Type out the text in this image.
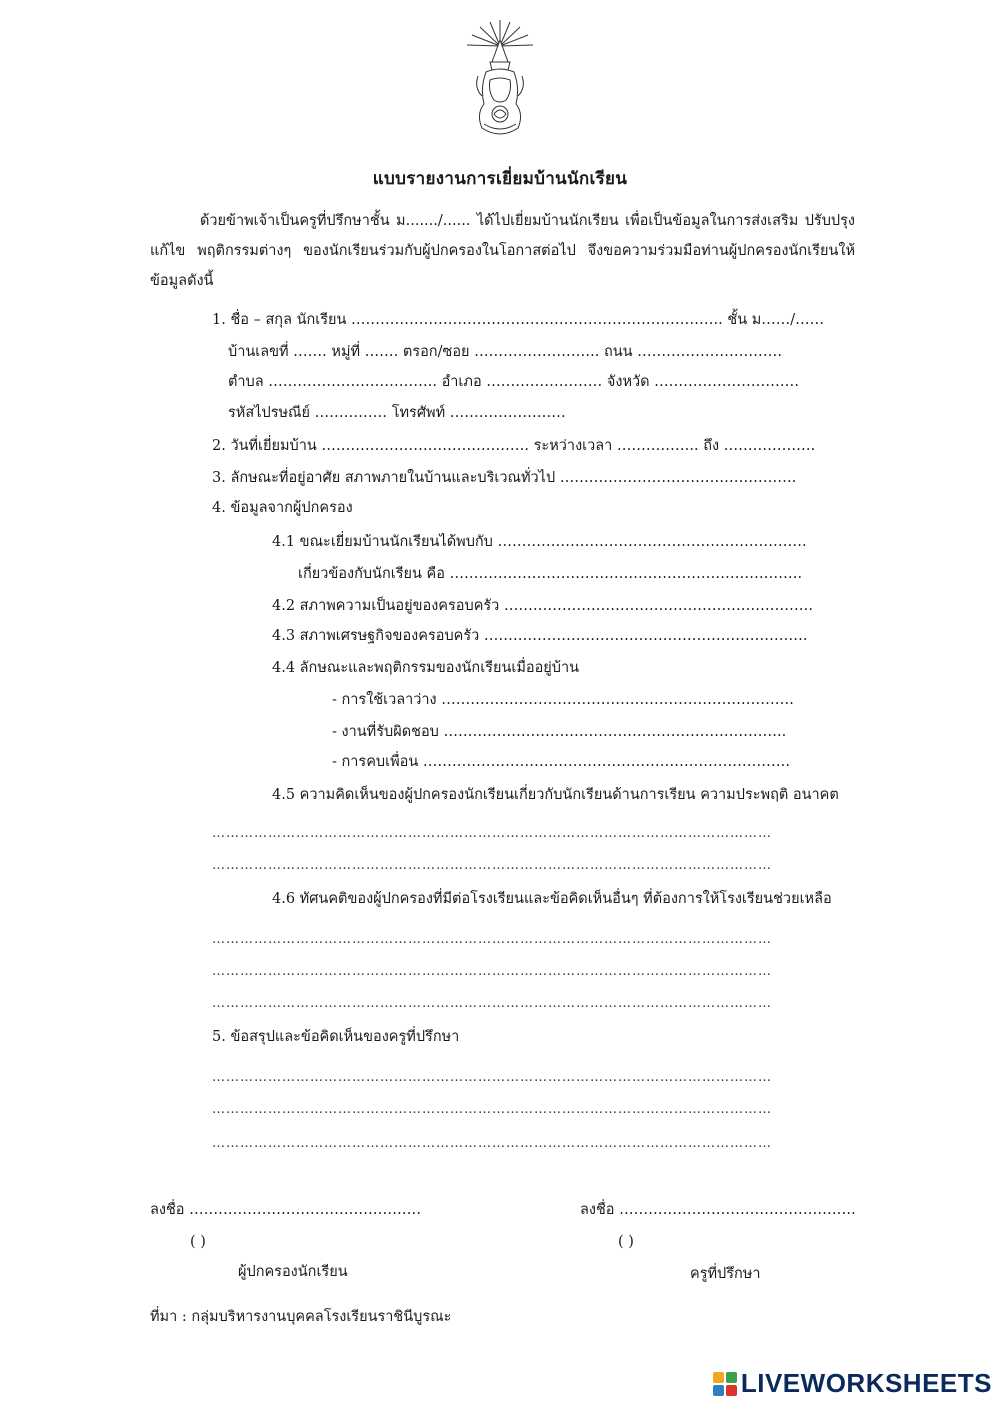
แบบรายงานการเยี่ยมบ้านนักเรียน
ด้วยข้าพเจ้าเป็นครูที่ปรึกษาชั้น ม......./...... ได้ไปเยี่ยมบ้านนักเรียน เพื่อเป็นข้อมูลในการส่งเสริม ปรับปรุง แก้ไข พฤติกรรมต่างๆ ของนักเรียนร่วมกับผู้ปกครองในโอกาสต่อไป จึงขอความร่วมมือท่านผู้ปกครองนักเรียนให้ข้อมูลดังนี้
1. ชื่อ – สกุล นักเรียน ………………………………………………………………….. ชั้น ม……/……
บ้านเลขที่ ……. หมู่ที่ ……. ตรอก/ซอย …………………….. ถนน …………………………
ตำบล …………………………….. อำเภอ …………………… จังหวัด …………………………
รหัสไปรษณีย์ …………… โทรศัพท์ ……………………
2. วันที่เยี่ยมบ้าน ……………………………………. ระหว่างเวลา …………….. ถึง ……………….
3. ลักษณะที่อยู่อาศัย สภาพภายในบ้านและบริเวณทั่วไป ………………………………………….
4. ข้อมูลจากผู้ปกครอง
4.1 ขณะเยี่ยมบ้านนักเรียนได้พบกับ ……………………………………………………….
เกี่ยวข้องกับนักเรียน คือ ……………………………………………………………….
4.2 สภาพความเป็นอยู่ของครอบครัว ……………………………………………………….
4.3 สภาพเศรษฐกิจของครอบครัว ………………………………………………………….
4.4 ลักษณะและพฤติกรรมของนักเรียนเมื่ออยู่บ้าน
- การใช้เวลาว่าง ……………………………………………………………….
- งานที่รับผิดชอบ ……………………………………………………………..
- การคบเพื่อน ………………………………………………………………….
4.5 ความคิดเห็นของผู้ปกครองนักเรียนเกี่ยวกับนักเรียนด้านการเรียน ความประพฤติ อนาคต
…………………………………………………………………………………………………………
…………………………………………………………………………………………………………
4.6 ทัศนคติของผู้ปกครองที่มีต่อโรงเรียนและข้อคิดเห็นอื่นๆ ที่ต้องการให้โรงเรียนช่วยเหลือ
…………………………………………………………………………………………………………
…………………………………………………………………………………………………………
…………………………………………………………………………………………………………
5. ข้อสรุปและข้อคิดเห็นของครูที่ปรึกษา
…………………………………………………………………………………………………………
…………………………………………………………………………………………………………
…………………………………………………………………………………………………………
ลงชื่อ …………………………………………	ลงชื่อ ………………………………………….
( )	( )
ผู้ปกครองนักเรียน	ครูที่ปรึกษา
ที่มา : กลุ่มบริหารงานบุคคลโรงเรียนราชินีบูรณะ
LIVEWORKSHEETS
